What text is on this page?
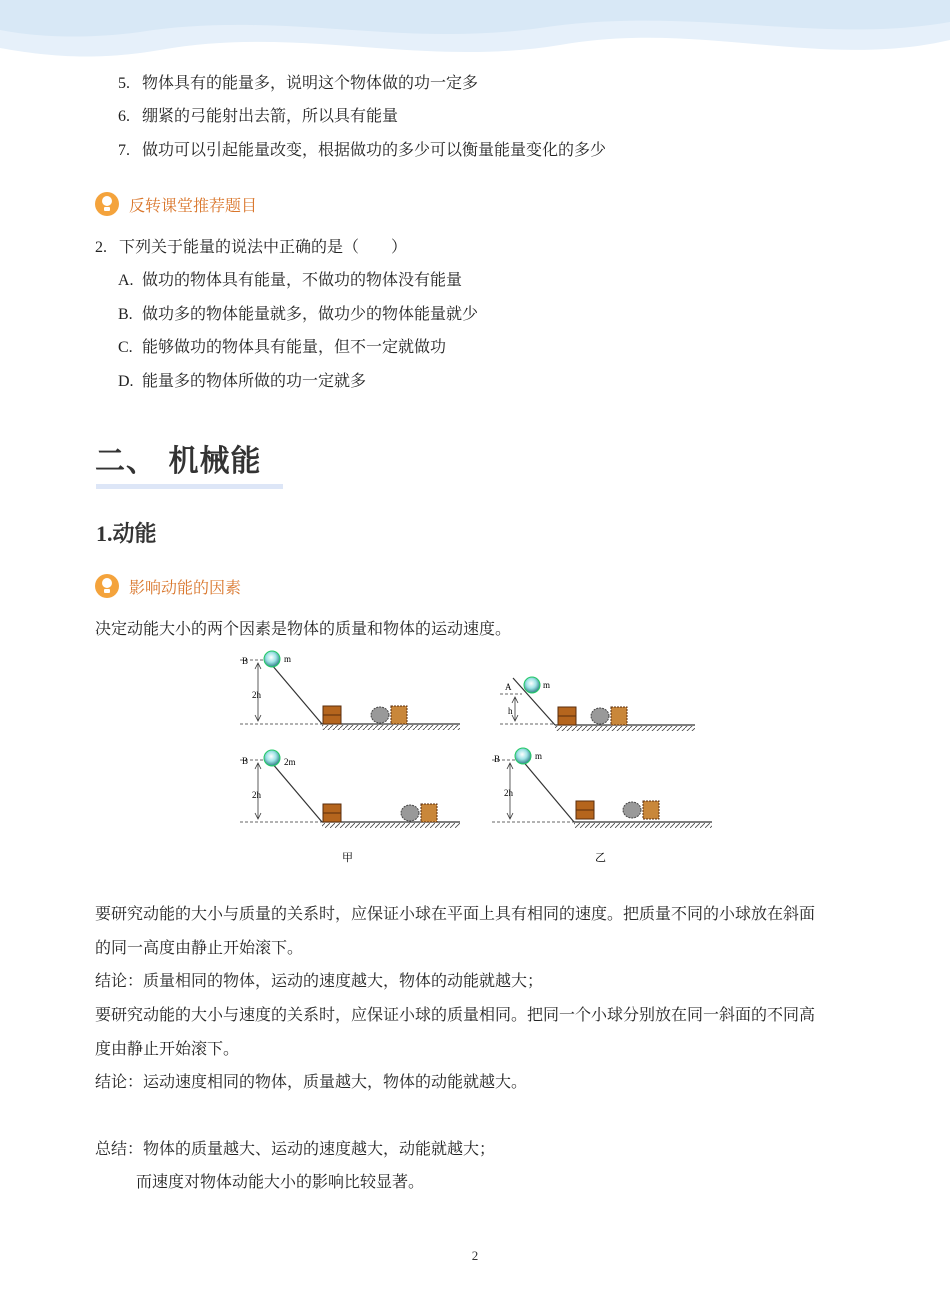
5. 物体具有的能量多，说明这个物体做的功一定多
6. 绷紧的弓能射出去箭，所以具有能量
7. 做功可以引起能量改变，根据做功的多少可以衡量能量变化的多少
反转课堂推荐题目
2. 下列关于能量的说法中正确的是（　　）
A. 做功的物体具有能量，不做功的物体没有能量
B. 做功多的物体能量就多，做功少的物体能量就少
C. 能够做功的物体具有能量，但不一定就做功
D. 能量多的物体所做的功一定就多
二、 机械能
1.动能
影响动能的因素
决定动能大小的两个因素是物体的质量和物体的运动速度。
B
2h
m
A
h
m
B
2h
2m	B
2h
m
甲	乙
要研究动能的大小与质量的关系时，应保证小球在平面上具有相同的速度。把质量不同的小球放在斜面
的同一高度由静止开始滚下。
结论：质量相同的物体，运动的速度越大，物体的动能就越大；
要研究动能的大小与速度的关系时，应保证小球的质量相同。把同一个小球分别放在同一斜面的不同高
度由静止开始滚下。
结论：运动速度相同的物体，质量越大，物体的动能就越大。
总结：物体的质量越大、运动的速度越大，动能就越大；
而速度对物体动能大小的影响比较显著。
2
